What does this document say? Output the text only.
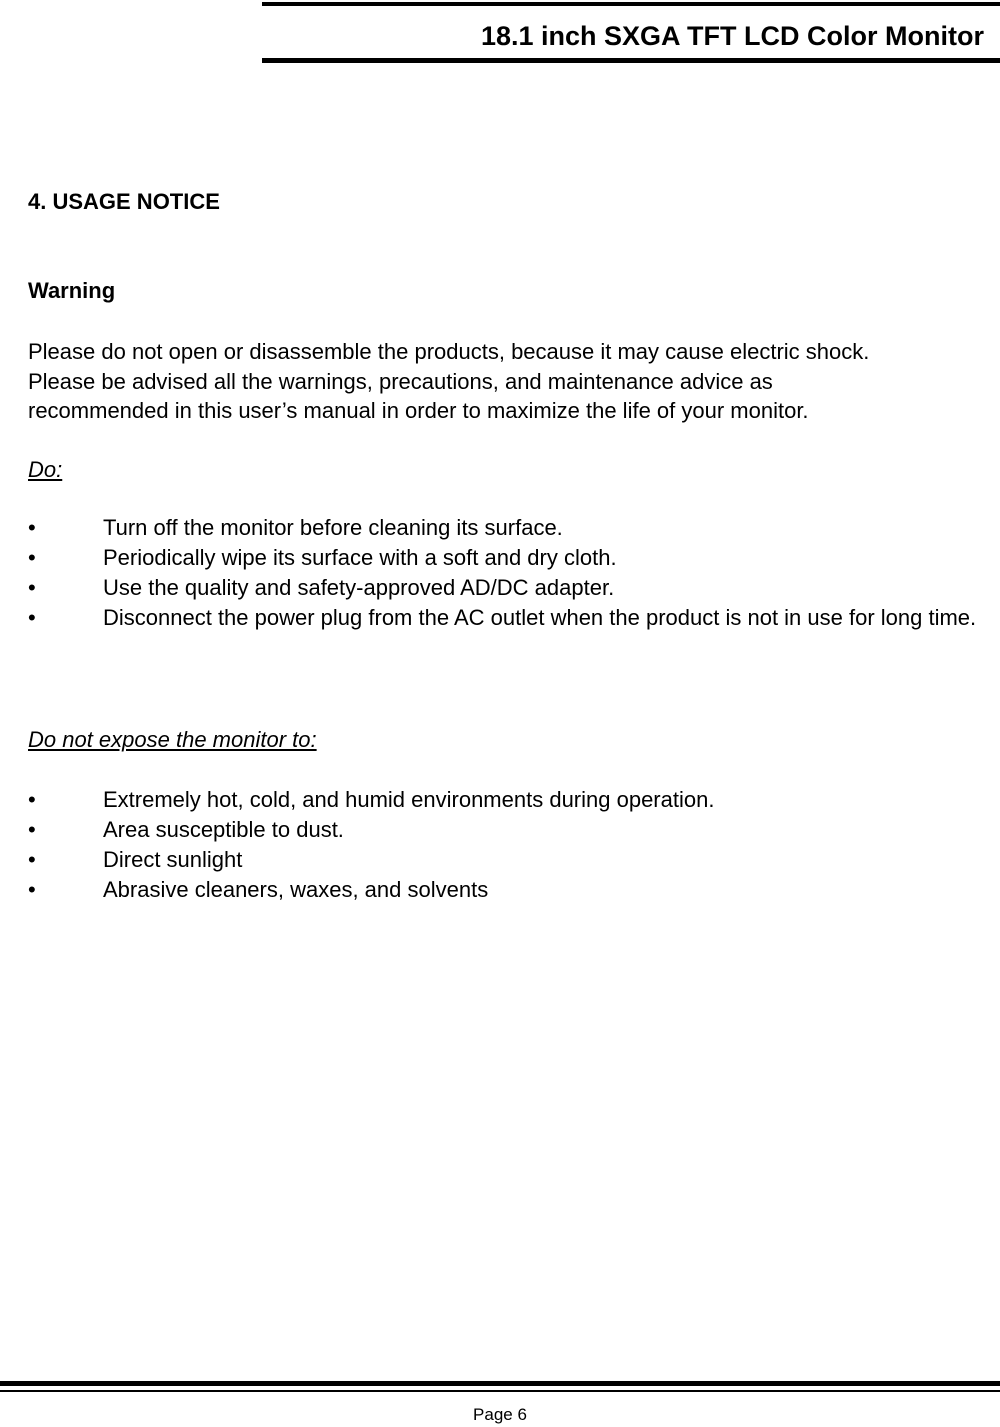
18.1 inch SXGA TFT LCD Color Monitor
4. USAGE NOTICE
Warning
Please do not open or disassemble the products, because it may cause electric shock.
Please be advised all the warnings, precautions, and maintenance advice as
recommended in this user’s manual in order to maximize the life of your monitor.
Do:
•	Turn off the monitor before cleaning its surface.
•	Periodically wipe its surface with a soft and dry cloth.
•	Use the quality and safety-approved AD/DC adapter.
•	Disconnect the power plug from the AC outlet when the product is not in use for long time.
Do not expose the monitor to:
•	Extremely hot, cold, and humid environments during operation.
•	Area susceptible to dust.
•	Direct sunlight
•	Abrasive cleaners, waxes, and solvents
Page 6
